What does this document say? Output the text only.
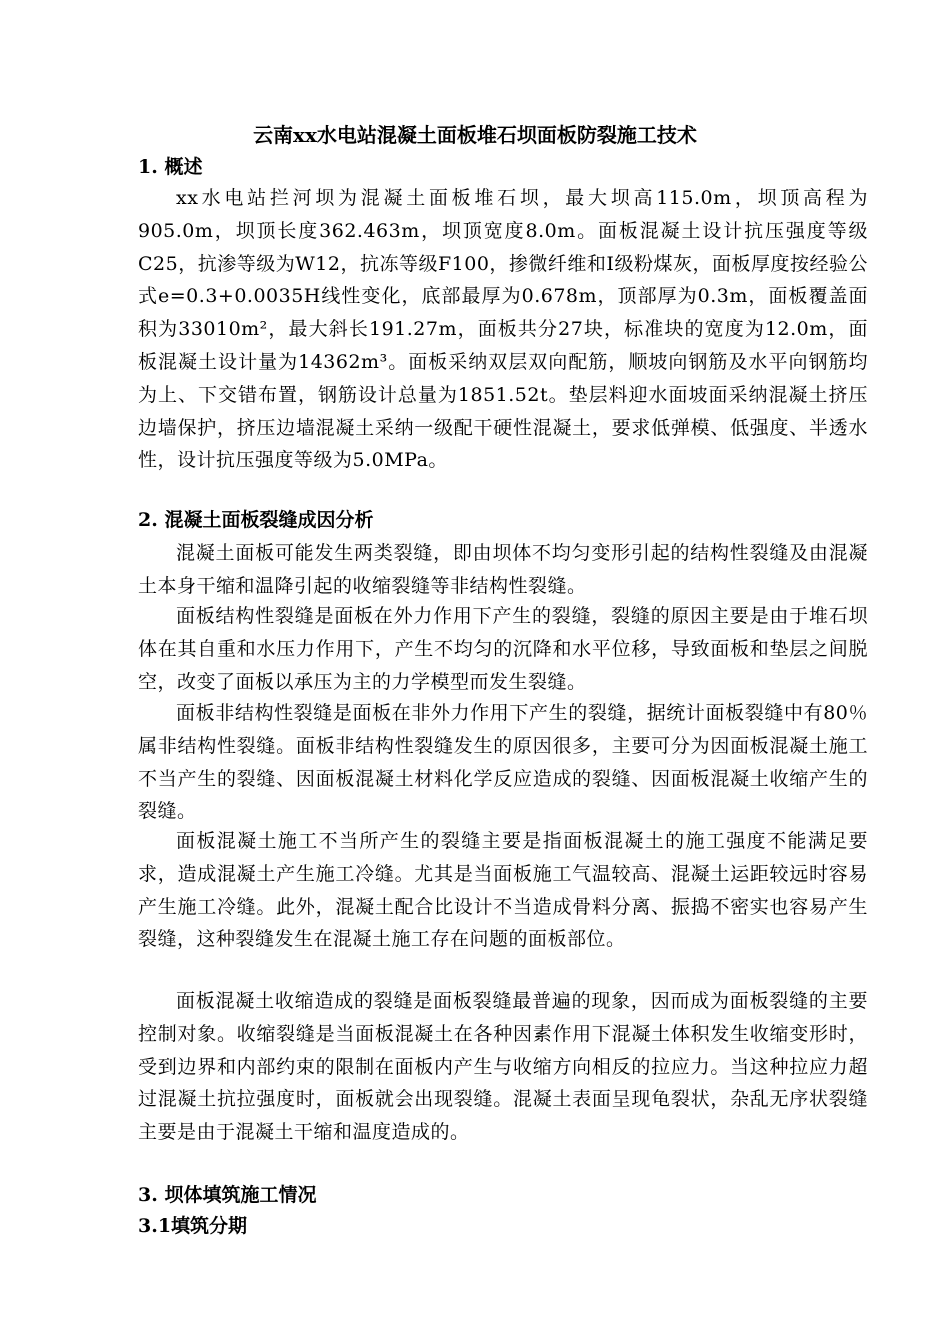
云南xx水电站混凝土面板堆石坝面板防裂施工技术
1. 概述
xx水电站拦河坝为混凝土面板堆石坝，最大坝高115.0m，坝顶高程为905.0m，坝顶长度362.463m，坝顶宽度8.0m。面板混凝土设计抗压强度等级C25，抗渗等级为W12，抗冻等级F100，掺微纤维和Ⅰ级粉煤灰，面板厚度按经验公式e=0.3+0.0035H线性变化，底部最厚为0.678m，顶部厚为0.3m，面板覆盖面积为33010m²，最大斜长191.27m，面板共分27块，标准块的宽度为12.0m，面板混凝土设计量为14362m³。面板采纳双层双向配筋，顺坡向钢筋及水平向钢筋均为上、下交错布置，钢筋设计总量为1851.52t。垫层料迎水面坡面采纳混凝土挤压边墙保护，挤压边墙混凝土采纳一级配干硬性混凝土，要求低弹模、低强度、半透水性，设计抗压强度等级为5.0MPa。
2. 混凝土面板裂缝成因分析
混凝土面板可能发生两类裂缝，即由坝体不均匀变形引起的结构性裂缝及由混凝土本身干缩和温降引起的收缩裂缝等非结构性裂缝。
面板结构性裂缝是面板在外力作用下产生的裂缝，裂缝的原因主要是由于堆石坝体在其自重和水压力作用下，产生不均匀的沉降和水平位移，导致面板和垫层之间脱空，改变了面板以承压为主的力学模型而发生裂缝。
面板非结构性裂缝是面板在非外力作用下产生的裂缝，据统计面板裂缝中有80％属非结构性裂缝。面板非结构性裂缝发生的原因很多，主要可分为因面板混凝土施工不当产生的裂缝、因面板混凝土材料化学反应造成的裂缝、因面板混凝土收缩产生的裂缝。
面板混凝土施工不当所产生的裂缝主要是指面板混凝土的施工强度不能满足要求，造成混凝土产生施工冷缝。尤其是当面板施工气温较高、混凝土运距较远时容易产生施工冷缝。此外，混凝土配合比设计不当造成骨料分离、振捣不密实也容易产生裂缝，这种裂缝发生在混凝土施工存在问题的面板部位。
面板混凝土收缩造成的裂缝是面板裂缝最普遍的现象，因而成为面板裂缝的主要控制对象。收缩裂缝是当面板混凝土在各种因素作用下混凝土体积发生收缩变形时，受到边界和内部约束的限制在面板内产生与收缩方向相反的拉应力。当这种拉应力超过混凝土抗拉强度时，面板就会出现裂缝。混凝土表面呈现龟裂状，杂乱无序状裂缝主要是由于混凝土干缩和温度造成的。
3. 坝体填筑施工情况
3.1填筑分期
